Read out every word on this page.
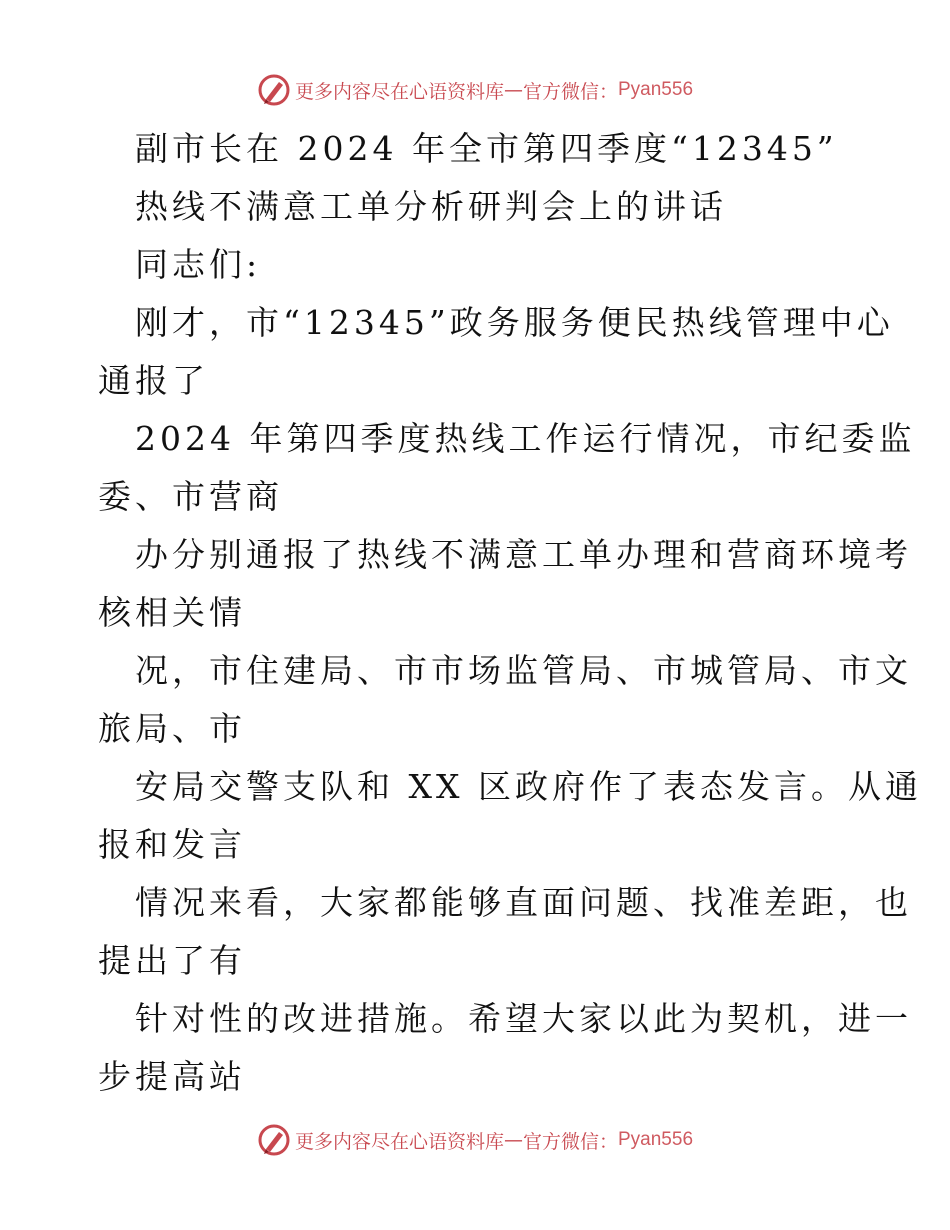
更多内容尽在心语资料库 — 官方微信： Pyan556
副市长在 2024 年全市第四季度“12345”
热线不满意工单分析研判会上的讲话
同志们:
刚才，市“12345”政务服务便民热线管理中心
通报了
2024 年第四季度热线工作运行情况，市纪委监
委、市营商
办分别通报了热线不满意工单办理和营商环境考
核相关情
况，市住建局、市市场监管局、市城管局、市文
旅局、市
安局交警支队和 XX 区政府作了表态发言。从通
报和发言
情况来看，大家都能够直面问题、找准差距，也
提出了有
针对性的改进措施。希望大家以此为契机，进一
步提高站
更多内容尽在心语资料库 — 官方微信： Pyan556
